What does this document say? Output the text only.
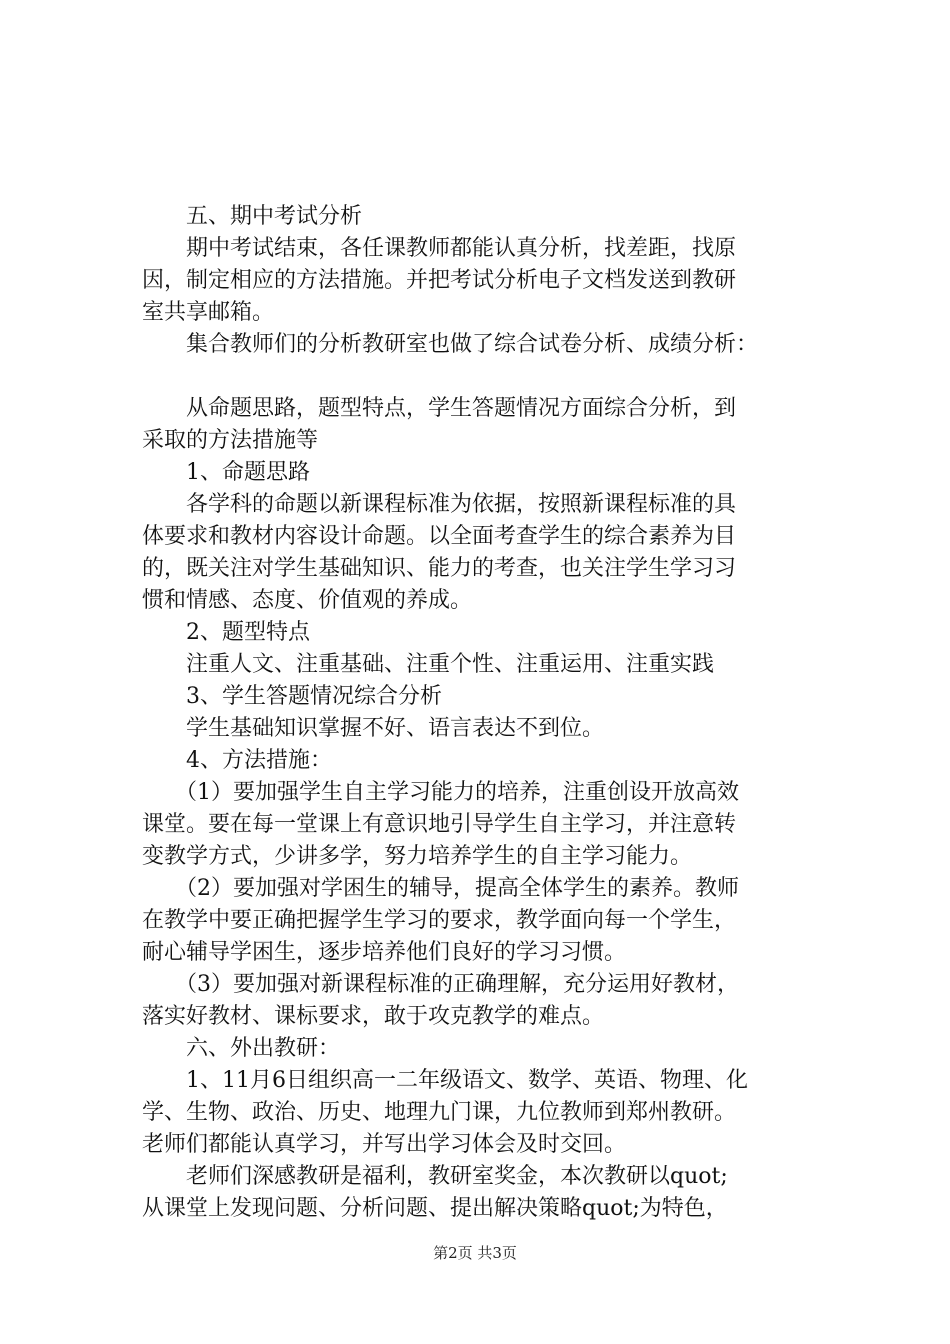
　　五、期中考试分析
　　期中考试结束，各任课教师都能认真分析，找差距，找原
因，制定相应的方法措施。并把考试分析电子文档发送到教研
室共享邮箱。
　　集合教师们的分析教研室也做了综合试卷分析、成绩分析：
　　从命题思路，题型特点，学生答题情况方面综合分析，到
采取的方法措施等
　　1、命题思路
　　各学科的命题以新课程标准为依据，按照新课程标准的具
体要求和教材内容设计命题。以全面考查学生的综合素养为目
的，既关注对学生基础知识、能力的考查，也关注学生学习习
惯和情感、态度、价值观的养成。
　　2、题型特点
　　注重人文、注重基础、注重个性、注重运用、注重实践
　　3、学生答题情况综合分析
　　学生基础知识掌握不好、语言表达不到位。
　　4、方法措施：
　　（1）要加强学生自主学习能力的培养，注重创设开放高效
课堂。要在每一堂课上有意识地引导学生自主学习，并注意转
变教学方式，少讲多学，努力培养学生的自主学习能力。
　　（2）要加强对学困生的辅导，提高全体学生的素养。教师
在教学中要正确把握学生学习的要求，教学面向每一个学生，
耐心辅导学困生，逐步培养他们良好的学习习惯。
　　（3）要加强对新课程标准的正确理解，充分运用好教材，
落实好教材、课标要求，敢于攻克教学的难点。
　　六、外出教研：
　　1、11月6日组织高一二年级语文、数学、英语、物理、化
学、生物、政治、历史、地理九门课，九位教师到郑州教研。
老师们都能认真学习，并写出学习体会及时交回。
　　老师们深感教研是福利，教研室奖金，本次教研以quot;
从课堂上发现问题、分析问题、提出解决策略quot;为特色，
第2页 共3页
